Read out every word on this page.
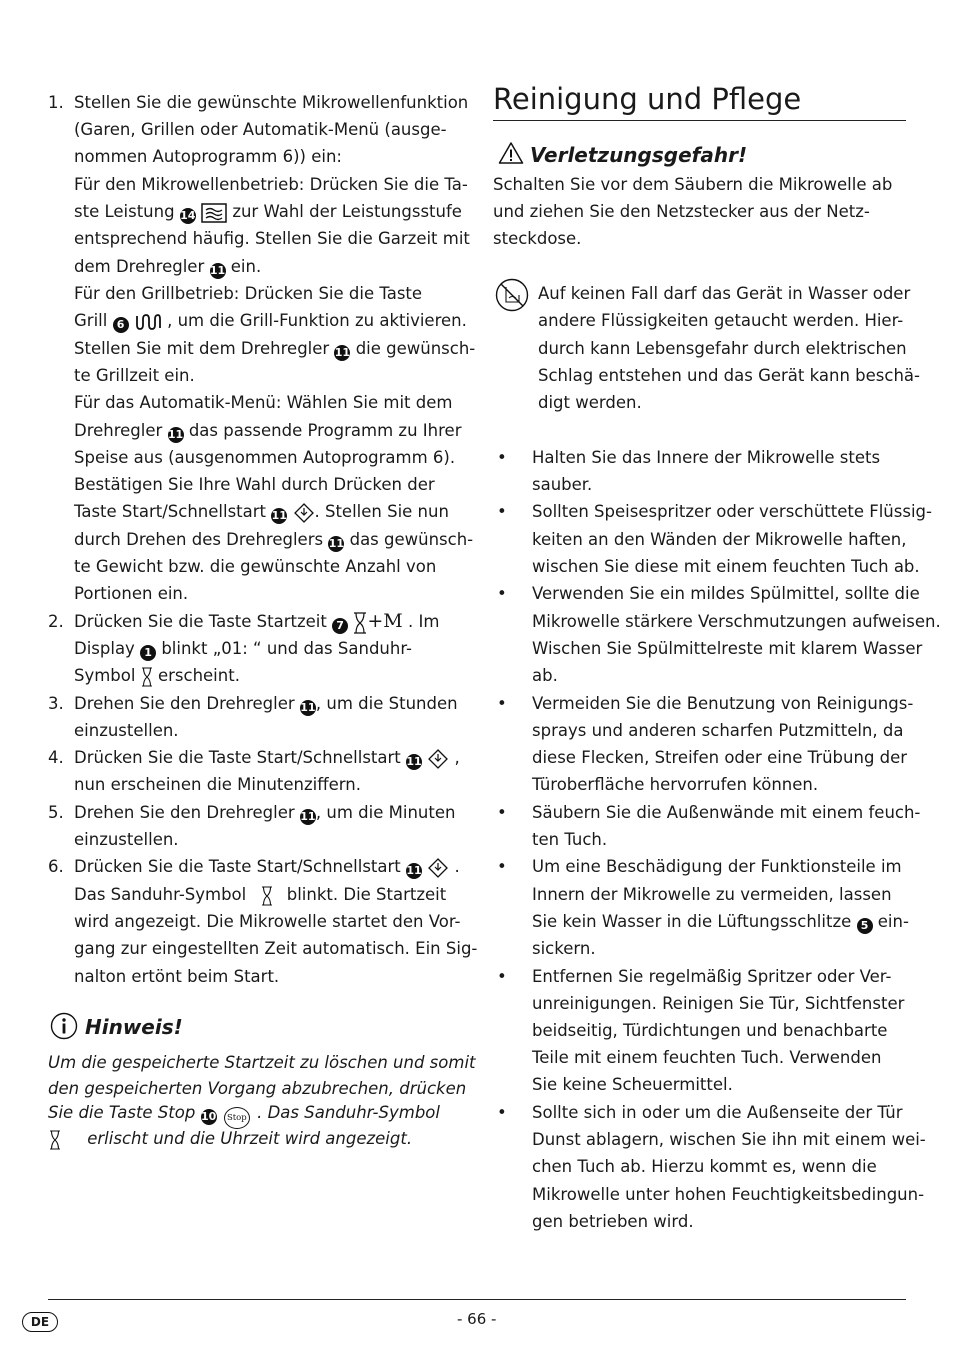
1. Stellen Sie die gewünschte Mikrowellenfunktion
(Garen, Grillen oder Automatik-Menü (ausge-
nommen Autoprogramm 6)) ein:
Für den Mikrowellenbetrieb: Drücken Sie die Ta-
ste Leistung 14 zur Wahl der Leistungsstufe
entsprechend häufig. Stellen Sie die Garzeit mit
dem Drehregler 11 ein.
Für den Grillbetrieb: Drücken Sie die Taste
Grill 6	, um die Grill-Funktion zu aktivieren.
Stellen Sie mit dem Drehregler 11 die gewünsch-
te Grillzeit ein.
Für das Automatik-Menü: Wählen Sie mit dem
Drehregler 11 das passende Programm zu Ihrer
Speise aus (ausgenommen Autoprogramm 6).
Bestätigen Sie Ihre Wahl durch Drücken der
Taste Start/Schnellstart 11 . Stellen Sie nun
durch Drehen des Drehreglers 11 das gewünsch-
te Gewicht bzw. die gewünschte Anzahl von
Portionen ein.
2. Drücken Sie die Taste Startzeit 7 +M . Im
Display 1 blinkt „01: “ und das Sanduhr-
Symbol erscheint.
3. Drehen Sie den Drehregler 11, um die Stunden
einzustellen.
4. Drücken Sie die Taste Start/Schnellstart 11 ,
nun erscheinen die Minutenziffern.
5. Drehen Sie den Drehregler 11, um die Minuten
einzustellen.
6. Drücken Sie die Taste Start/Schnellstart 11 .
Das Sanduhr-Symbol blinkt. Die Startzeit
wird angezeigt. Die Mikrowelle startet den Vor-
gang zur eingestellten Zeit automatisch. Ein Sig-
nalton ertönt beim Start.
Hinweis!
Um die gespeicherte Startzeit zu löschen und somit
den gespeicherten Vorgang abzubrechen, drücken
Sie die Taste Stop 10 Stop . Das Sanduhr-Symbol
erlischt und die Uhrzeit wird angezeigt.
Reinigung und Pflege
Verletzungsgefahr!
Schalten Sie vor dem Säubern die Mikrowelle ab
und ziehen Sie den Netzstecker aus der Netz-
steckdose.
Auf keinen Fall darf das Gerät in Wasser oder
andere Flüssigkeiten getaucht werden. Hier-
durch kann Lebensgefahr durch elektrischen
Schlag entstehen und das Gerät kann beschä-
digt werden.
• Halten Sie das Innere der Mikrowelle stets
sauber.
• Sollten Speisespritzer oder verschüttete Flüssig-
keiten an den Wänden der Mikrowelle haften,
wischen Sie diese mit einem feuchten Tuch ab.
• Verwenden Sie ein mildes Spülmittel, sollte die
Mikrowelle stärkere Verschmutzungen aufweisen.
Wischen Sie Spülmittelreste mit klarem Wasser
ab.
• Vermeiden Sie die Benutzung von Reinigungs-
sprays und anderen scharfen Putzmitteln, da
diese Flecken, Streifen oder eine Trübung der
Türoberfläche hervorrufen können.
• Säubern Sie die Außenwände mit einem feuch-
ten Tuch.
• Um eine Beschädigung der Funktionsteile im
Innern der Mikrowelle zu vermeiden, lassen
Sie kein Wasser in die Lüftungsschlitze 5 ein-
sickern.
• Entfernen Sie regelmäßig Spritzer oder Ver-
unreinigungen. Reinigen Sie Tür, Sichtfenster
beidseitig, Türdichtungen und benachbarte
Teile mit einem feuchten Tuch. Verwenden
Sie keine Scheuermittel.
• Sollte sich in oder um die Außenseite der Tür
Dunst ablagern, wischen Sie ihn mit einem wei-
chen Tuch ab. Hierzu kommt es, wenn die
Mikrowelle unter hohen Feuchtigkeitsbedingun-
gen betrieben wird.
DE	- 66 -
